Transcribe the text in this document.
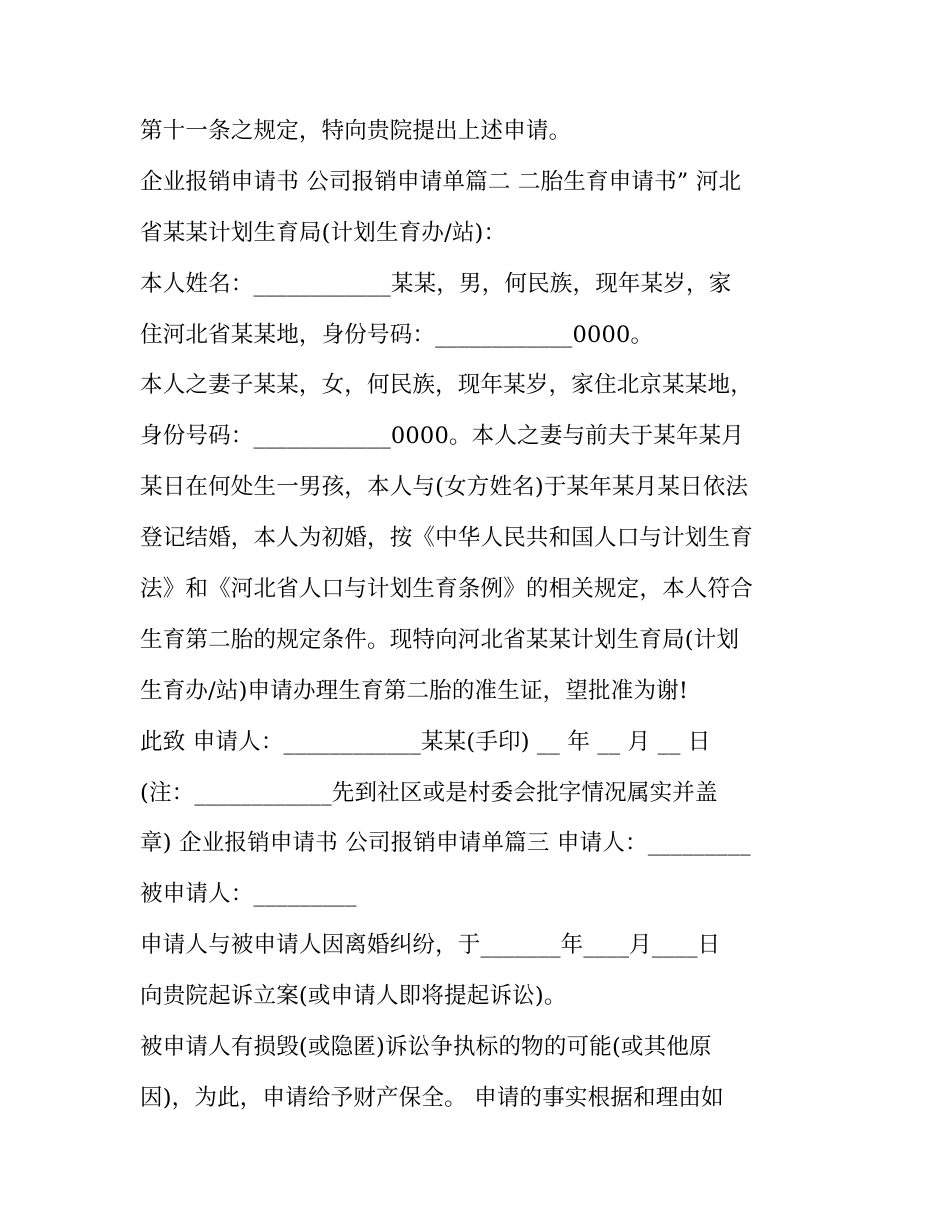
第十一条之规定，特向贵院提出上述申请。
企业报销申请书 公司报销申请单篇二 二胎生育申请书” 河北
省某某计划生育局(计划生育办/站)：
本人姓名：____________某某，男，何民族，现年某岁，家
住河北省某某地，身份号码：____________0000。
本人之妻子某某，女，何民族，现年某岁，家住北京某某地，
身份号码：____________0000。本人之妻与前夫于某年某月
某日在何处生一男孩，本人与(女方姓名)于某年某月某日依法
登记结婚，本人为初婚，按《中华人民共和国人口与计划生育
法》和《河北省人口与计划生育条例》的相关规定，本人符合
生育第二胎的规定条件。现特向河北省某某计划生育局(计划
生育办/站)申请办理生育第二胎的准生证，望批准为谢!
此致 申请人：____________某某(手印) __ 年 __ 月 __ 日
(注：____________先到社区或是村委会批字情况属实并盖
章) 企业报销申请书 公司报销申请单篇三 申请人：_________
被申请人：_________
申请人与被申请人因离婚纠纷，于_______年____月____日
向贵院起诉立案(或申请人即将提起诉讼)。
被申请人有损毁(或隐匿)诉讼争执标的物的可能(或其他原
因)，为此，申请给予财产保全。 申请的事实根据和理由如
